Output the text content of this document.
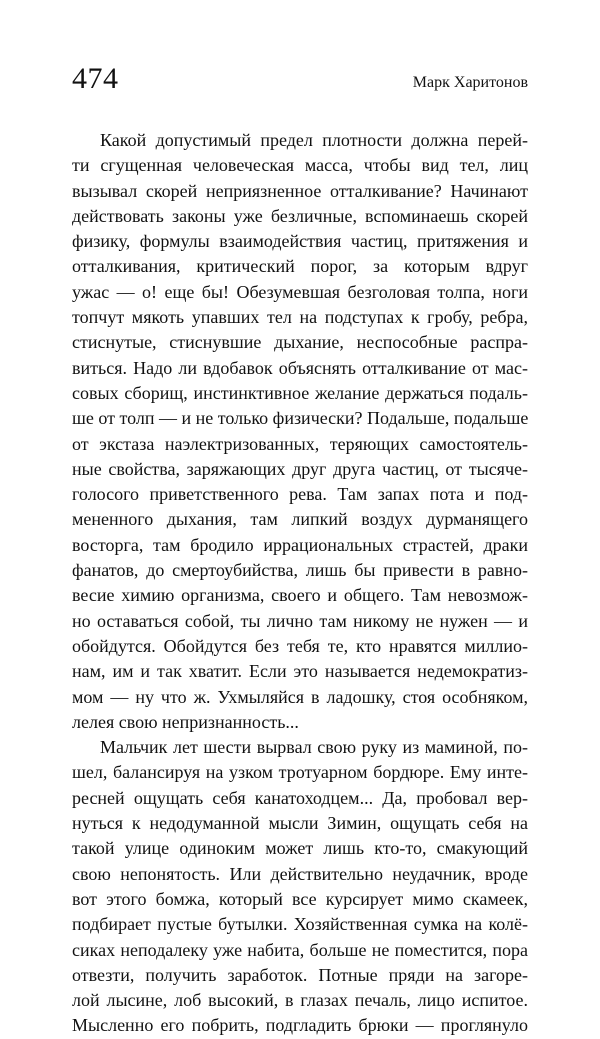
474	Марк Харитонов
Какой допустимый предел плотности должна перей-
ти сгущенная человеческая масса, чтобы вид тел, лиц
вызывал скорей неприязненное отталкивание? Начинают
действовать законы уже безличные, вспоминаешь скорей
физику, формулы взаимодействия частиц, притяжения и
отталкивания, критический порог, за которым вдруг
ужас — о! еще бы! Обезумевшая безголовая толпа, ноги
топчут мякоть упавших тел на подступах к гробу, ребра,
стиснутые, стиснувшие дыхание, неспособные распра-
виться. Надо ли вдобавок объяснять отталкивание от мас-
совых сборищ, инстинктивное желание держаться подаль-
ше от толп — и не только физически? Подальше, подальше
от экстаза наэлектризованных, теряющих самостоятель-
ные свойства, заряжающих друг друга частиц, от тысяче-
голосого приветственного рева. Там запах пота и под-
мененного дыхания, там липкий воздух дурманящего
восторга, там бродило иррациональных страстей, драки
фанатов, до смертоубийства, лишь бы привести в равно-
весие химию организма, своего и общего. Там невозмож-
но оставаться собой, ты лично там никому не нужен — и
обойдутся. Обойдутся без тебя те, кто нравятся миллио-
нам, им и так хватит. Если это называется недемократиз-
мом — ну что ж. Ухмыляйся в ладошку, стоя особняком,
лелея свою непризнанность...
Мальчик лет шести вырвал свою руку из маминой, по-
шел, балансируя на узком тротуарном бордюре. Ему инте-
ресней ощущать себя канатоходцем... Да, пробовал вер-
нуться к недодуманной мысли Зимин, ощущать себя на
такой улице одиноким может лишь кто-то, смакующий
свою непонятость. Или действительно неудачник, вроде
вот этого бомжа, который все курсирует мимо скамеек,
подбирает пустые бутылки. Хозяйственная сумка на колё-
сиках неподалеку уже набита, больше не поместится, пора
отвезти, получить заработок. Потные пряди на загоре-
лой лысине, лоб высокий, в глазах печаль, лицо испитое.
Мысленно его побрить, подгладить брюки — проглянуло
